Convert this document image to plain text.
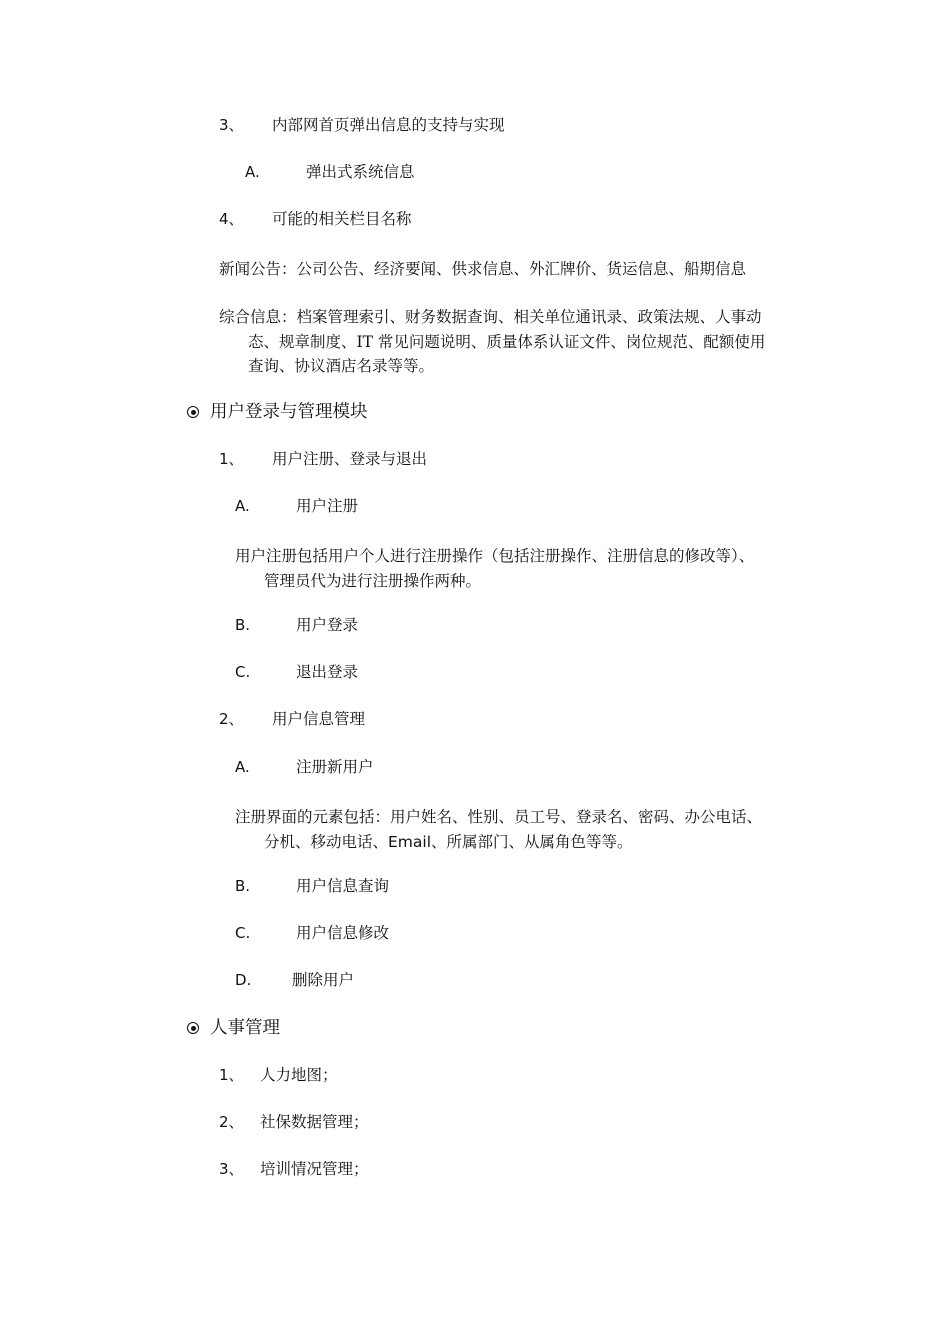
3、 内部网首页弹出信息的支持与实现
A.	弹出式系统信息
4、 可能的相关栏目名称
新闻公告：公司公告、经济要闻、供求信息、外汇牌价、货运信息、船期信息
综合信息：档案管理索引、财务数据查询、相关单位通讯录、政策法规、人事动
态、规章制度、IT 常见问题说明、质量体系认证文件、岗位规范、配额使用
查询、协议酒店名录等等。
用户登录与管理模块
1、 用户注册、登录与退出
A.	用户注册
用户注册包括用户个人进行注册操作（包括注册操作、注册信息的修改等）、
管理员代为进行注册操作两种。
B.	用户登录
C.	退出登录
2、 用户信息管理
A.	注册新用户
注册界面的元素包括：用户姓名、性别、员工号、登录名、密码、办公电话、
分机、移动电话、Email、所属部门、从属角色等等。
B.	用户信息查询
C.	用户信息修改
D.	删除用户
人事管理
1、 人力地图；
2、 社保数据管理；
3、 培训情况管理；
